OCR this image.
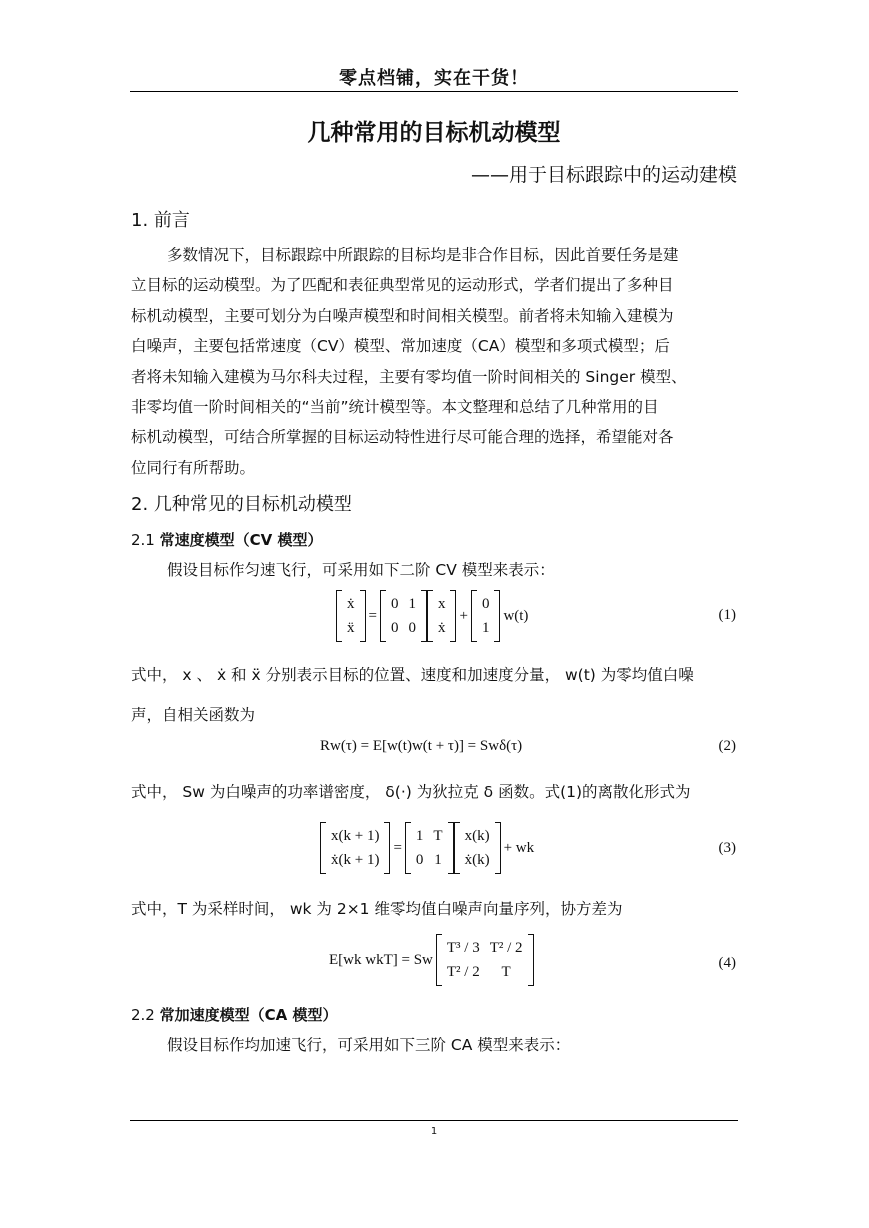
零点档铺，实在干货！
几种常用的目标机动模型
——用于目标跟踪中的运动建模
1. 前言
多数情况下，目标跟踪中所跟踪的目标均是非合作目标，因此首要任务是建
立目标的运动模型。为了匹配和表征典型常见的运动形式，学者们提出了多种目
标机动模型，主要可划分为白噪声模型和时间相关模型。前者将未知输入建模为
白噪声，主要包括常速度（CV）模型、常加速度（CA）模型和多项式模型；后
者将未知输入建模为马尔科夫过程，主要有零均值一阶时间相关的 Singer 模型、
非零均值一阶时间相关的“当前”统计模型等。本文整理和总结了几种常用的目
标机动模型，可结合所掌握的目标运动特性进行尽可能合理的选择，希望能对各
位同行有所帮助。
2. 几种常见的目标机动模型
2.1 常速度模型（CV 模型）
假设目标作匀速飞行，可采用如下二阶 CV 模型来表示：
ẋ
ẍ
=
0	1
0	0
x
ẋ
+
0
1
w(t)	(1)
式中， x 、 ẋ 和 ẍ 分别表示目标的位置、速度和加速度分量， w(t) 为零均值白噪
声，自相关函数为
Rw(τ) = E[w(t)w(t + τ)] = Swδ(τ)	(2)
式中， Sw 为白噪声的功率谱密度， δ(·) 为狄拉克 δ 函数。式(1)的离散化形式为
x(k + 1)
ẋ(k + 1)
=
1	T
0	1
x(k)
ẋ(k)
+ wk	(3)
式中，T 为采样时间， wk 为 2×1 维零均值白噪声向量序列，协方差为
E[wk wkT] = Sw
T³ / 3	T² / 2
T² / 2	T
(4)
2.2 常加速度模型（CA 模型）
假设目标作均加速飞行，可采用如下三阶 CA 模型来表示：
1
